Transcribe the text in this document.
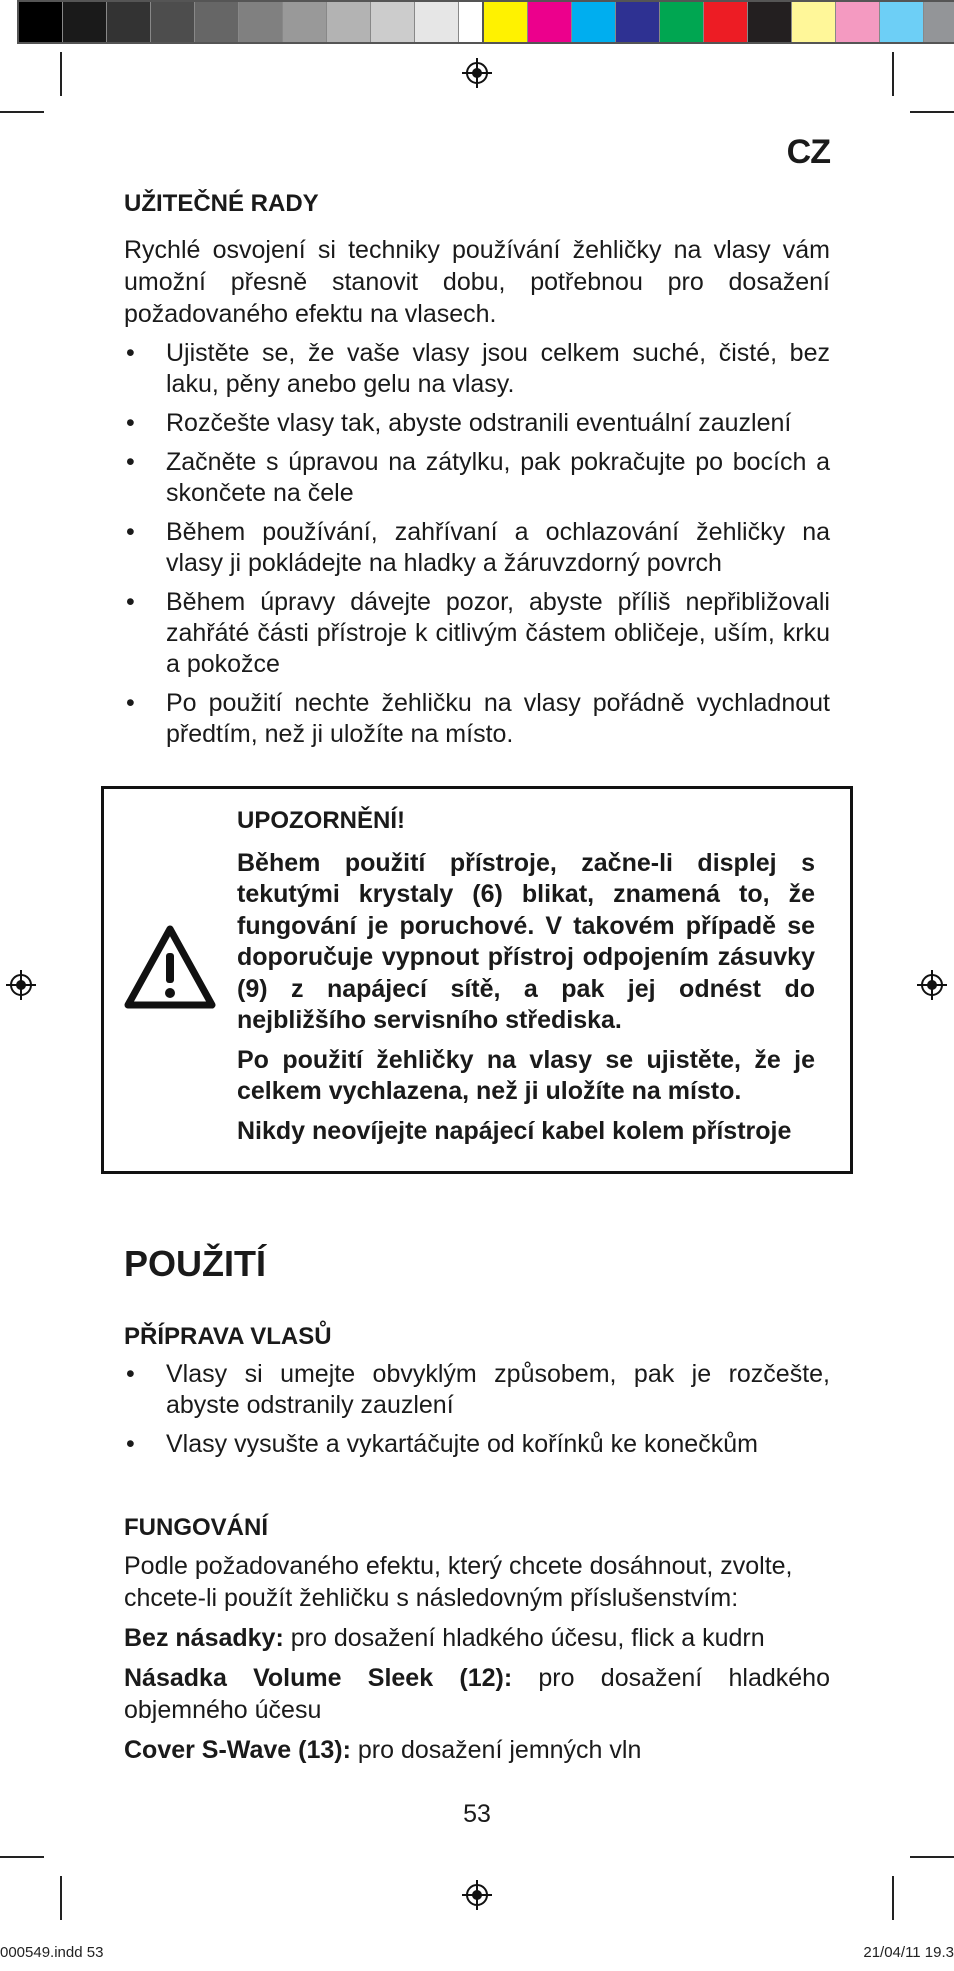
CZ
UŽITEČNÉ RADY

Rychlé osvojení si techniky používání žehličky na vlasy vám umožní přesně stanovit dobu, potřebnou pro dosažení požadovaného efektu na vlasech.

• Ujistěte se, že vaše vlasy jsou celkem suché, čisté, bez laku, pěny anebo gelu na vlasy.
• Rozčešte vlasy tak, abyste odstranili eventuální zauzlení
• Začněte s úpravou na zátylku, pak pokračujte po bocích a skončete na čele
• Během používání, zahřívaní a ochlazování žehličky na vlasy ji pokládejte na hladky a žáruvzdorný povrch
• Během úpravy dávejte pozor, abyste příliš nepřibližovali zahřáté části přístroje k citlivým částem obličeje, uším, krku a pokožce
• Po použití nechte žehličku na vlasy pořádně vychladnout předtím, než ji uložíte na místo.

UPOZORNĚNÍ!

Během použití přístroje, začne-li displej s tekutými krystaly (6) blikat, znamená to, že fungování je poruchové. V takovém případě se doporučuje vypnout přístroj odpojením zásuvky (9) z napájecí sítě, a pak jej odnést do nejbližšího servisního střediska.

Po použití žehličky na vlasy se ujistěte, že je celkem vychlazena, než ji uložíte na místo.

Nikdy neovíjejte napájecí kabel kolem přístroje

POUŽITÍ
PŘÍPRAVA VLASŮ
• Vlasy si umejte obvyklým způsobem, pak je rozčešte, abyste odstranily zauzlení
• Vlasy vysušte a vykartáčujte od kořínků ke konečkům
FUNGOVÁNÍ

Podle požadovaného efektu, který chcete dosáhnout, zvolte, chcete-li použít žehličku s následovným příslušenstvím:

Bez násadky: pro dosažení hladkého účesu, flick a kudrn

Násadka Volume Sleek (12): pro dosažení hladkého objemného účesu

Cover S-Wave (13): pro dosažení jemných vln

53
000549.indd 53	21/04/11 19.3
